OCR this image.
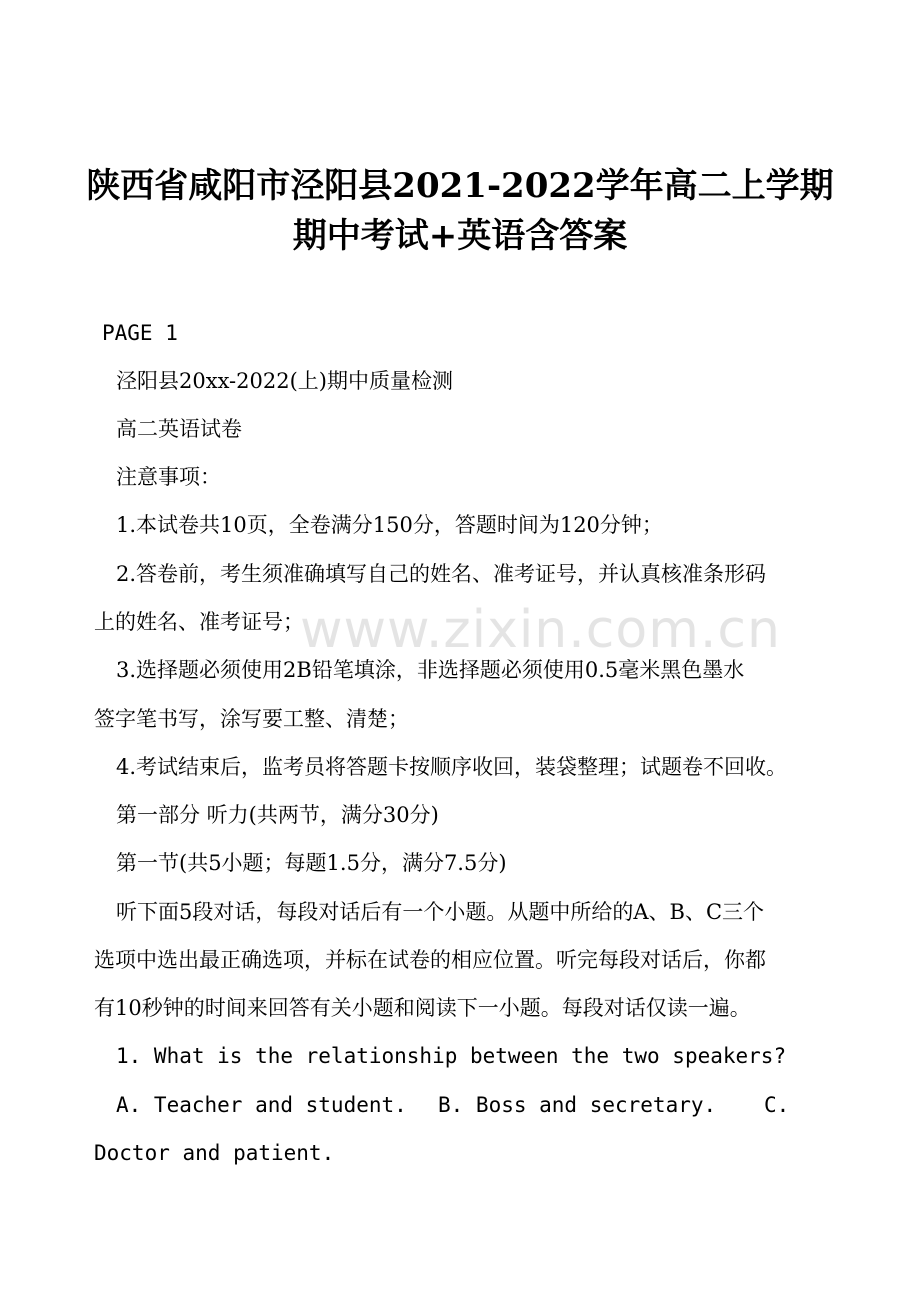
陕西省咸阳市泾阳县2021-2022学年高二上学期
期中考试+英语含答案

PAGE 1

泾阳县20xx-2022(上)期中质量检测

高二英语试卷

注意事项：

1.本试卷共10页，全卷满分150分，答题时间为120分钟；

2.答卷前，考生须准确填写自己的姓名、准考证号，并认真核准条形码

上的姓名、准考证号；

3.选择题必须使用2B铅笔填涂，非选择题必须使用0.5毫米黑色墨水

签字笔书写，涂写要工整、清楚；

4.考试结束后，监考员将答题卡按顺序收回，装袋整理；试题卷不回收。

第一部分 听力(共两节，满分30分)

第一节(共5小题；每题1.5分，满分7.5分)

听下面5段对话，每段对话后有一个小题。从题中所给的A、B、C三个

选项中选出最正确选项，并标在试卷的相应位置。听完每段对话后，你都

有10秒钟的时间来回答有关小题和阅读下一小题。每段对话仅读一遍。

1. What is the relationship between the two speakers?

A. Teacher and student. B. Boss and secretary. C.

Doctor and patient.

www.zixin.com.cn
